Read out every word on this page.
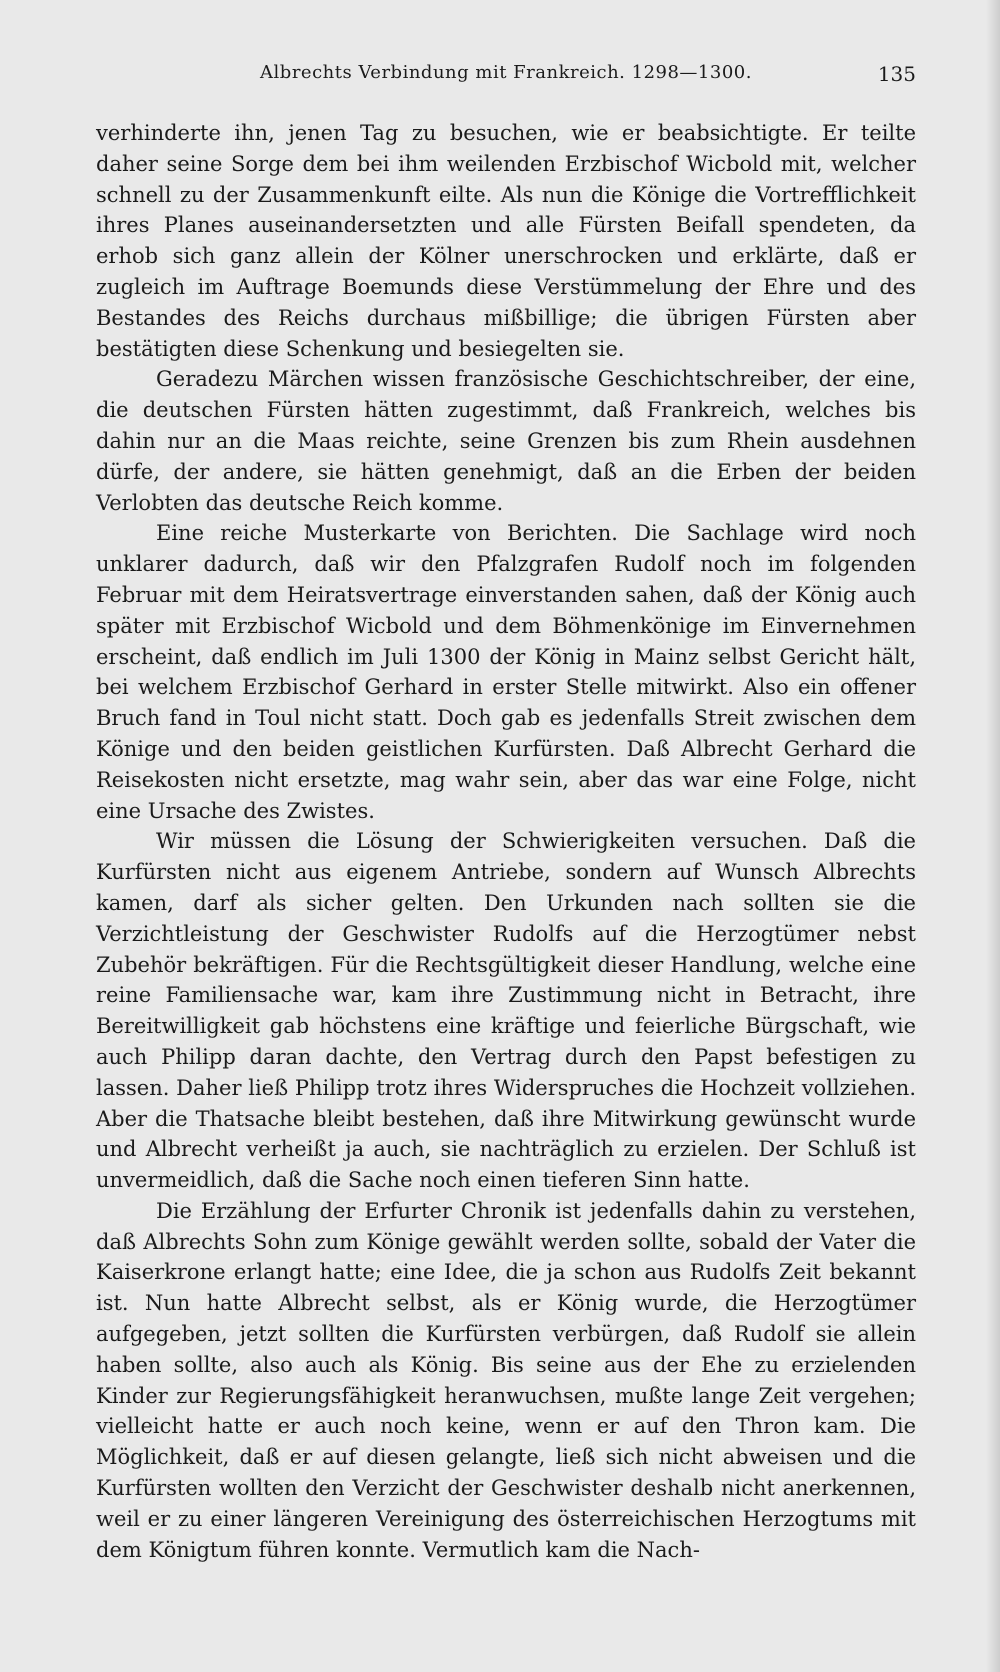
Albrechts Verbindung mit Frankreich. 1298—1300.	135

verhinderte ihn, jenen Tag zu besuchen, wie er beabsichtigte. Er teilte daher seine Sorge dem bei ihm weilenden Erzbischof Wicbold mit, welcher schnell zu der Zusammenkunft eilte. Als nun die Könige die Vortrefflichkeit ihres Planes auseinandersetzten und alle Fürsten Beifall spendeten, da erhob sich ganz allein der Kölner unerschrocken und erklärte, daß er zugleich im Auftrage Boemunds diese Verstümmelung der Ehre und des Bestandes des Reichs durchaus mißbillige; die übrigen Fürsten aber bestätigten diese Schenkung und besiegelten sie.

Geradezu Märchen wissen französische Geschichtschreiber, der eine, die deutschen Fürsten hätten zugestimmt, daß Frankreich, welches bis dahin nur an die Maas reichte, seine Grenzen bis zum Rhein ausdehnen dürfe, der andere, sie hätten genehmigt, daß an die Erben der beiden Verlobten das deutsche Reich komme.

Eine reiche Musterkarte von Berichten. Die Sachlage wird noch unklarer dadurch, daß wir den Pfalzgrafen Rudolf noch im folgenden Februar mit dem Heiratsvertrage einverstanden sahen, daß der König auch später mit Erzbischof Wicbold und dem Böhmenkönige im Einvernehmen erscheint, daß endlich im Juli 1300 der König in Mainz selbst Gericht hält, bei welchem Erzbischof Gerhard in erster Stelle mitwirkt. Also ein offener Bruch fand in Toul nicht statt. Doch gab es jedenfalls Streit zwischen dem Könige und den beiden geistlichen Kurfürsten. Daß Albrecht Gerhard die Reisekosten nicht ersetzte, mag wahr sein, aber das war eine Folge, nicht eine Ursache des Zwistes.

Wir müssen die Lösung der Schwierigkeiten versuchen. Daß die Kurfürsten nicht aus eigenem Antriebe, sondern auf Wunsch Albrechts kamen, darf als sicher gelten. Den Urkunden nach sollten sie die Verzichtleistung der Geschwister Rudolfs auf die Herzogtümer nebst Zubehör bekräftigen. Für die Rechtsgültigkeit dieser Handlung, welche eine reine Familiensache war, kam ihre Zustimmung nicht in Betracht, ihre Bereitwilligkeit gab höchstens eine kräftige und feierliche Bürgschaft, wie auch Philipp daran dachte, den Vertrag durch den Papst befestigen zu lassen. Daher ließ Philipp trotz ihres Widerspruches die Hochzeit vollziehen. Aber die Thatsache bleibt bestehen, daß ihre Mitwirkung gewünscht wurde und Albrecht verheißt ja auch, sie nachträglich zu erzielen. Der Schluß ist unvermeidlich, daß die Sache noch einen tieferen Sinn hatte.

Die Erzählung der Erfurter Chronik ist jedenfalls dahin zu verstehen, daß Albrechts Sohn zum Könige gewählt werden sollte, sobald der Vater die Kaiserkrone erlangt hatte; eine Idee, die ja schon aus Rudolfs Zeit bekannt ist. Nun hatte Albrecht selbst, als er König wurde, die Herzogtümer aufgegeben, jetzt sollten die Kurfürsten verbürgen, daß Rudolf sie allein haben sollte, also auch als König. Bis seine aus der Ehe zu erzielenden Kinder zur Regierungsfähigkeit heranwuchsen, mußte lange Zeit vergehen; vielleicht hatte er auch noch keine, wenn er auf den Thron kam. Die Möglichkeit, daß er auf diesen gelangte, ließ sich nicht abweisen und die Kurfürsten wollten den Verzicht der Geschwister deshalb nicht anerkennen, weil er zu einer längeren Vereinigung des österreichischen Herzogtums mit dem Königtum führen konnte. Vermutlich kam die Nach-
